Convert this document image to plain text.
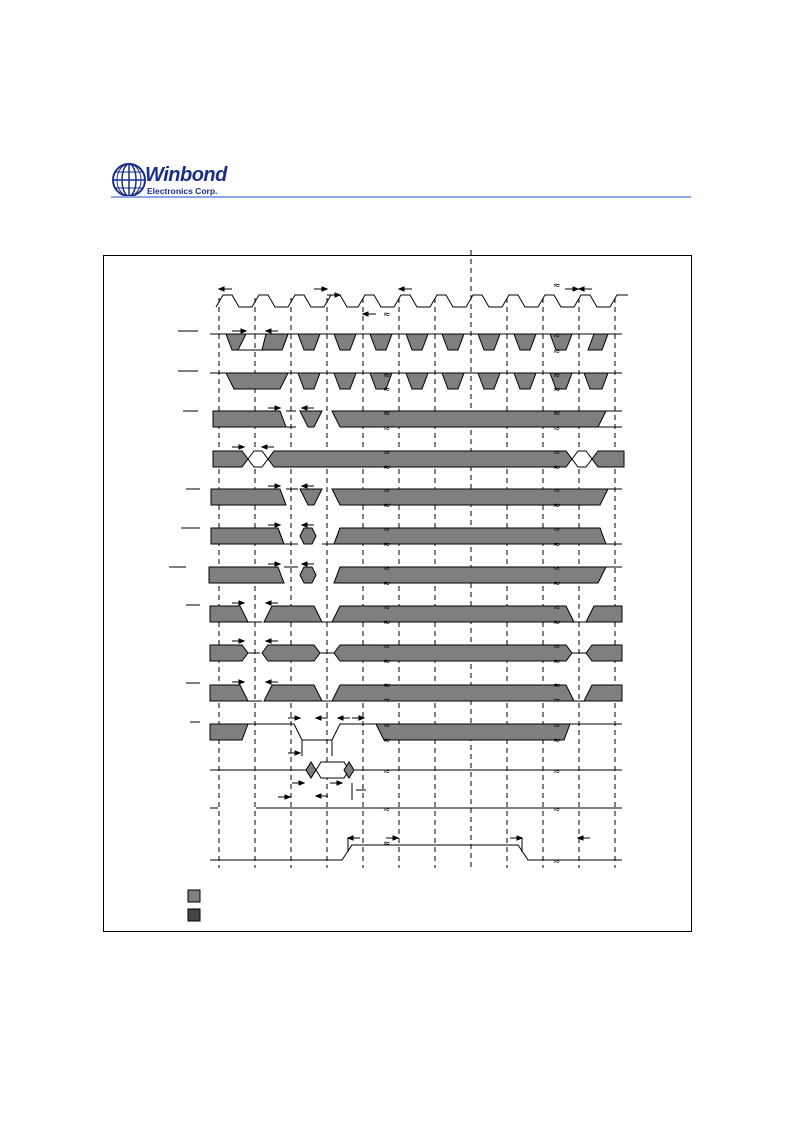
Winbond
Electronics Corp.
≈
≈
≈
≈
≈
≈
≈
≈
≈
≈
≈
≈
≈
≈
≈
≈
≈
≈
≈
≈
≈
≈
≈
≈
≈
≈
≈
≈
≈
≈
≈
≈
≈
≈
≈
≈
≈
≈
≈
≈
≈
≈
≈
≈
≈	≈
≈	≈
≈
≈
